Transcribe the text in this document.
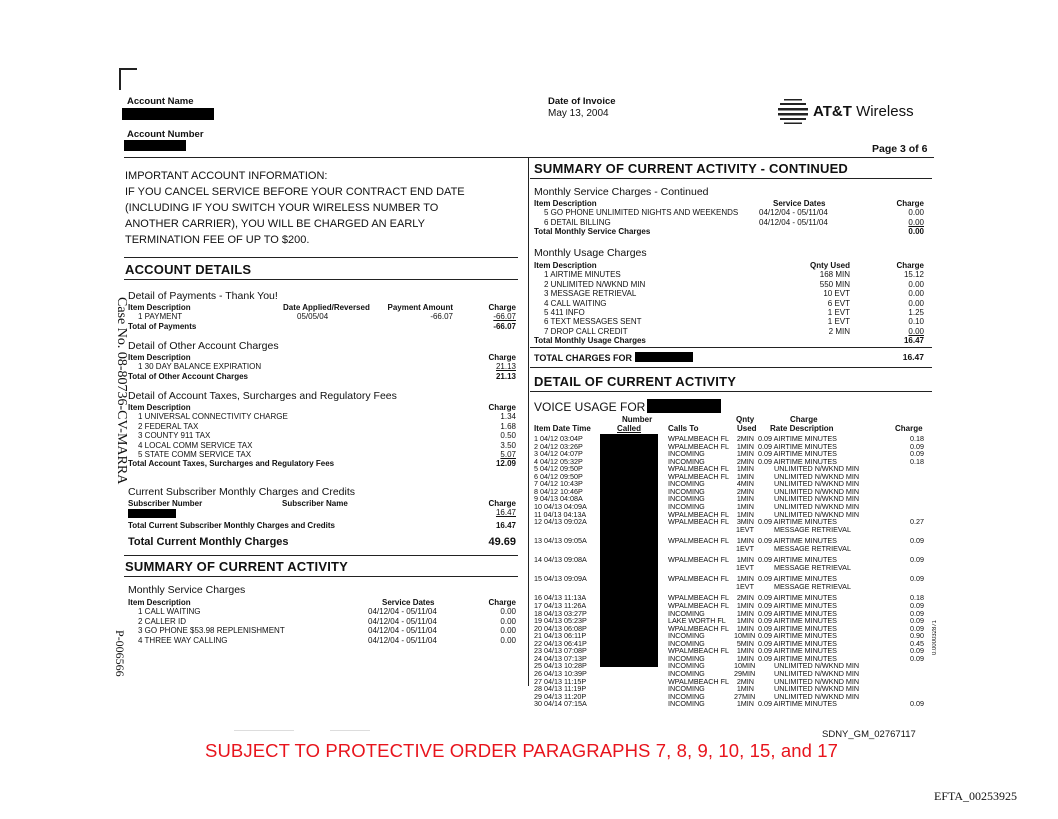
Account Name
Account Number
Date of Invoice
May 13, 2004	AT&T Wireless
Page 3 of 6
IMPORTANT ACCOUNT INFORMATION:
IF YOU CANCEL SERVICE BEFORE YOUR CONTRACT END DATE
(INCLUDING IF YOU SWITCH YOUR WIRELESS NUMBER TO
ANOTHER CARRIER), YOU WILL BE CHARGED AN EARLY
TERMINATION FEE OF UP TO $200.
ACCOUNT DETAILS
Detail of Payments - Thank You!
Item Description	Date Applied/Reversed	Payment Amount	Charge
1 PAYMENT	05/05/04	-66.07	-66.07
Total of Payments			-66.07
Detail of Other Account Charges
Item Description	Charge
1 30 DAY BALANCE EXPIRATION	21.13
Total of Other Account Charges	21.13
Detail of Account Taxes, Surcharges and Regulatory Fees
Item Description	Charge
1 UNIVERSAL CONNECTIVITY CHARGE	1.34
2 FEDERAL TAX	1.68
3 COUNTY 911 TAX	0.50
4 LOCAL COMM SERVICE TAX	3.50
5 STATE COMM SERVICE TAX	5.07
Total Account Taxes, Surcharges and Regulatory Fees	12.09
Current Subscriber Monthly Charges and Credits
Subscriber Number	Subscriber Name	Charge
		16.47
Total Current Subscriber Monthly Charges and Credits		16.47
Total Current Monthly Charges	49.69
SUMMARY OF CURRENT ACTIVITY
Monthly Service Charges
Item Description	Service Dates	Charge
1 CALL WAITING	04/12/04 - 05/11/04	0.00
2 CALLER ID	04/12/04 - 05/11/04	0.00
3 GO PHONE $53.98 REPLENISHMENT	04/12/04 - 05/11/04	0.00
4 THREE WAY CALLING	04/12/04 - 05/11/04	0.00
Case No. 08-80736-CV-MARRA
P-006566
SUMMARY OF CURRENT ACTIVITY - CONTINUED
Monthly Service Charges - Continued
Item Description	Service Dates	Charge
5 GO PHONE UNLIMITED NIGHTS AND WEEKENDS	04/12/04 - 05/11/04	0.00
6 DETAIL BILLING	04/12/04 - 05/11/04	0.00
Total Monthly Service Charges		0.00
Monthly Usage Charges
Item Description	Qnty Used	Charge
1 AIRTIME MINUTES	168 MIN	15.12
2 UNLIMITED N/WKND MIN	550 MIN	0.00
3 MESSAGE RETRIEVAL	10 EVT	0.00
4 CALL WAITING	6 EVT	0.00
5 411 INFO	1 EVT	1.25
6 TEXT MESSAGES SENT	1 EVT	0.10
7 DROP CALL CREDIT	2 MIN	0.00
Total Monthly Usage Charges		16.47
TOTAL CHARGES FOR	16.47
DETAIL OF CURRENT ACTIVITY
VOICE USAGE FOR
Number	Qnty	Charge
Item Date Time	Called	Calls To	Used Rate Description	Charge
1 04/12 03:04P	WPALMBEACH FL	2MIN 0.09 AIRTIME MINUTES	0.18
2 04/12 03:26P	WPALMBEACH FL	1MIN 0.09 AIRTIME MINUTES	0.09
3 04/12 04:07P	INCOMING	1MIN 0.09 AIRTIME MINUTES	0.09
4 04/12 05:32P	INCOMING	2MIN 0.09 AIRTIME MINUTES	0.18
5 04/12 09:50P	WPALMBEACH FL	1MIN	UNLIMITED N/WKND MIN
6 04/12 09:50P	WPALMBEACH FL	1MIN	UNLIMITED N/WKND MIN
7 04/12 10:43P	INCOMING	4MIN	UNLIMITED N/WKND MIN
8 04/12 10:46P	INCOMING	2MIN	UNLIMITED N/WKND MIN
9 04/13 04:08A	INCOMING	1MIN	UNLIMITED N/WKND MIN
10 04/13 04:09A	INCOMING	1MIN	UNLIMITED N/WKND MIN
11 04/13 04:13A	WPALMBEACH FL	1MIN	UNLIMITED N/WKND MIN
12 04/13 09:02A	WPALMBEACH FL	3MIN 0.09 AIRTIME MINUTES	0.27
1EVT	MESSAGE RETRIEVAL
13 04/13 09:05A	WPALMBEACH FL	1MIN 0.09 AIRTIME MINUTES	0.09
1EVT	MESSAGE RETRIEVAL
14 04/13 09:08A	WPALMBEACH FL	1MIN 0.09 AIRTIME MINUTES	0.09
1EVT	MESSAGE RETRIEVAL
15 04/13 09:09A	WPALMBEACH FL	1MIN 0.09 AIRTIME MINUTES	0.09
1EVT	MESSAGE RETRIEVAL
16 04/13 11:13A	WPALMBEACH FL	2MIN 0.09 AIRTIME MINUTES	0.18
17 04/13 11:26A	WPALMBEACH FL	1MIN 0.09 AIRTIME MINUTES	0.09
18 04/13 03:27P	INCOMING	1MIN 0.09 AIRTIME MINUTES	0.09
19 04/13 05:23P	LAKE WORTH FL	1MIN 0.09 AIRTIME MINUTES	0.09
20 04/13 06:08P	WPALMBEACH FL	1MIN 0.09 AIRTIME MINUTES	0.09
21 04/13 06:11P	INCOMING	10MIN 0.09 AIRTIME MINUTES	0.90
22 04/13 06:41P	INCOMING	5MIN 0.09 AIRTIME MINUTES	0.45
23 04/13 07:08P	WPALMBEACH FL	1MIN 0.09 AIRTIME MINUTES	0.09
24 04/13 07:13P	INCOMING	1MIN 0.09 AIRTIME MINUTES	0.09
25 04/13 10:28P	INCOMING	10MIN	UNLIMITED N/WKND MIN
26 04/13 10:39P	INCOMING	29MIN	UNLIMITED N/WKND MIN
27 04/13 11:15P	WPALMBEACH FL	2MIN	UNLIMITED N/WKND MIN
28 04/13 11:19P	INCOMING	1MIN	UNLIMITED N/WKND MIN
29 04/13 11:20P	INCOMING	27MIN	UNLIMITED N/WKND MIN
30 04/14 07:15A	INCOMING	1MIN 0.09 AIRTIME MINUTES	0.09
0.000032871
SDNY_GM_02767117
SUBJECT TO PROTECTIVE ORDER PARAGRAPHS 7, 8, 9, 10, 15, and 17
EFTA_00253925
